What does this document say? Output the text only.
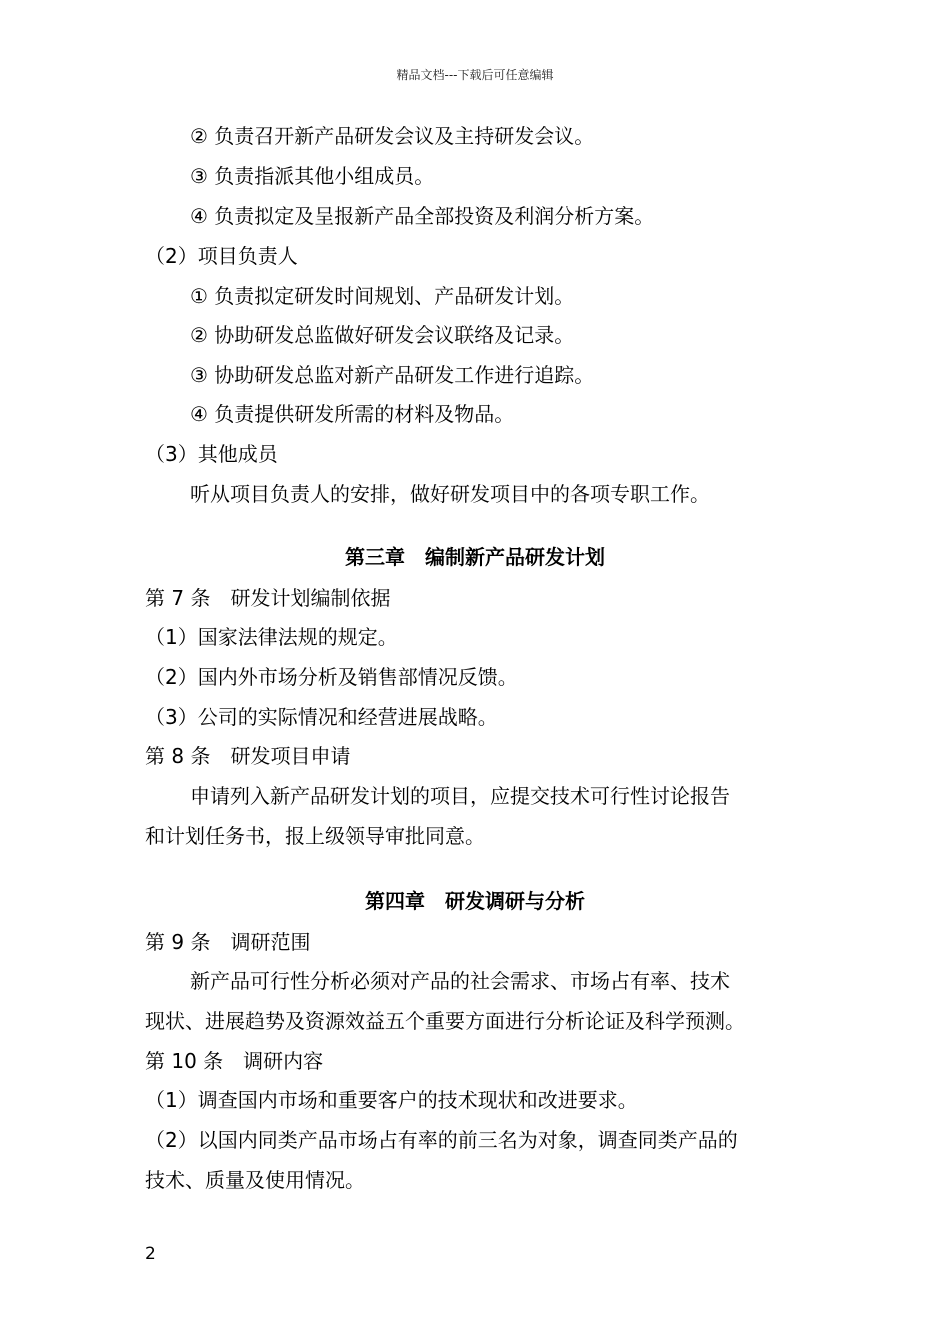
精品文档---下载后可任意编辑
② 负责召开新产品研发会议及主持研发会议。
③ 负责指派其他小组成员。
④ 负责拟定及呈报新产品全部投资及利润分析方案。
（2）项目负责人
① 负责拟定研发时间规划、产品研发计划。
② 协助研发总监做好研发会议联络及记录。
③ 协助研发总监对新产品研发工作进行追踪。
④ 负责提供研发所需的材料及物品。
（3）其他成员
听从项目负责人的安排，做好研发项目中的各项专职工作。
第三章　编制新产品研发计划
第 7 条　研发计划编制依据
（1）国家法律法规的规定。
（2）国内外市场分析及销售部情况反馈。
（3）公司的实际情况和经营进展战略。
第 8 条　研发项目申请
申请列入新产品研发计划的项目，应提交技术可行性讨论报告
和计划任务书，报上级领导审批同意。
第四章　研发调研与分析
第 9 条　调研范围
新产品可行性分析必须对产品的社会需求、市场占有率、技术
现状、进展趋势及资源效益五个重要方面进行分析论证及科学预测。
第 10 条　调研内容
（1）调查国内市场和重要客户的技术现状和改进要求。
（2）以国内同类产品市场占有率的前三名为对象，调查同类产品的
技术、质量及使用情况。
2
